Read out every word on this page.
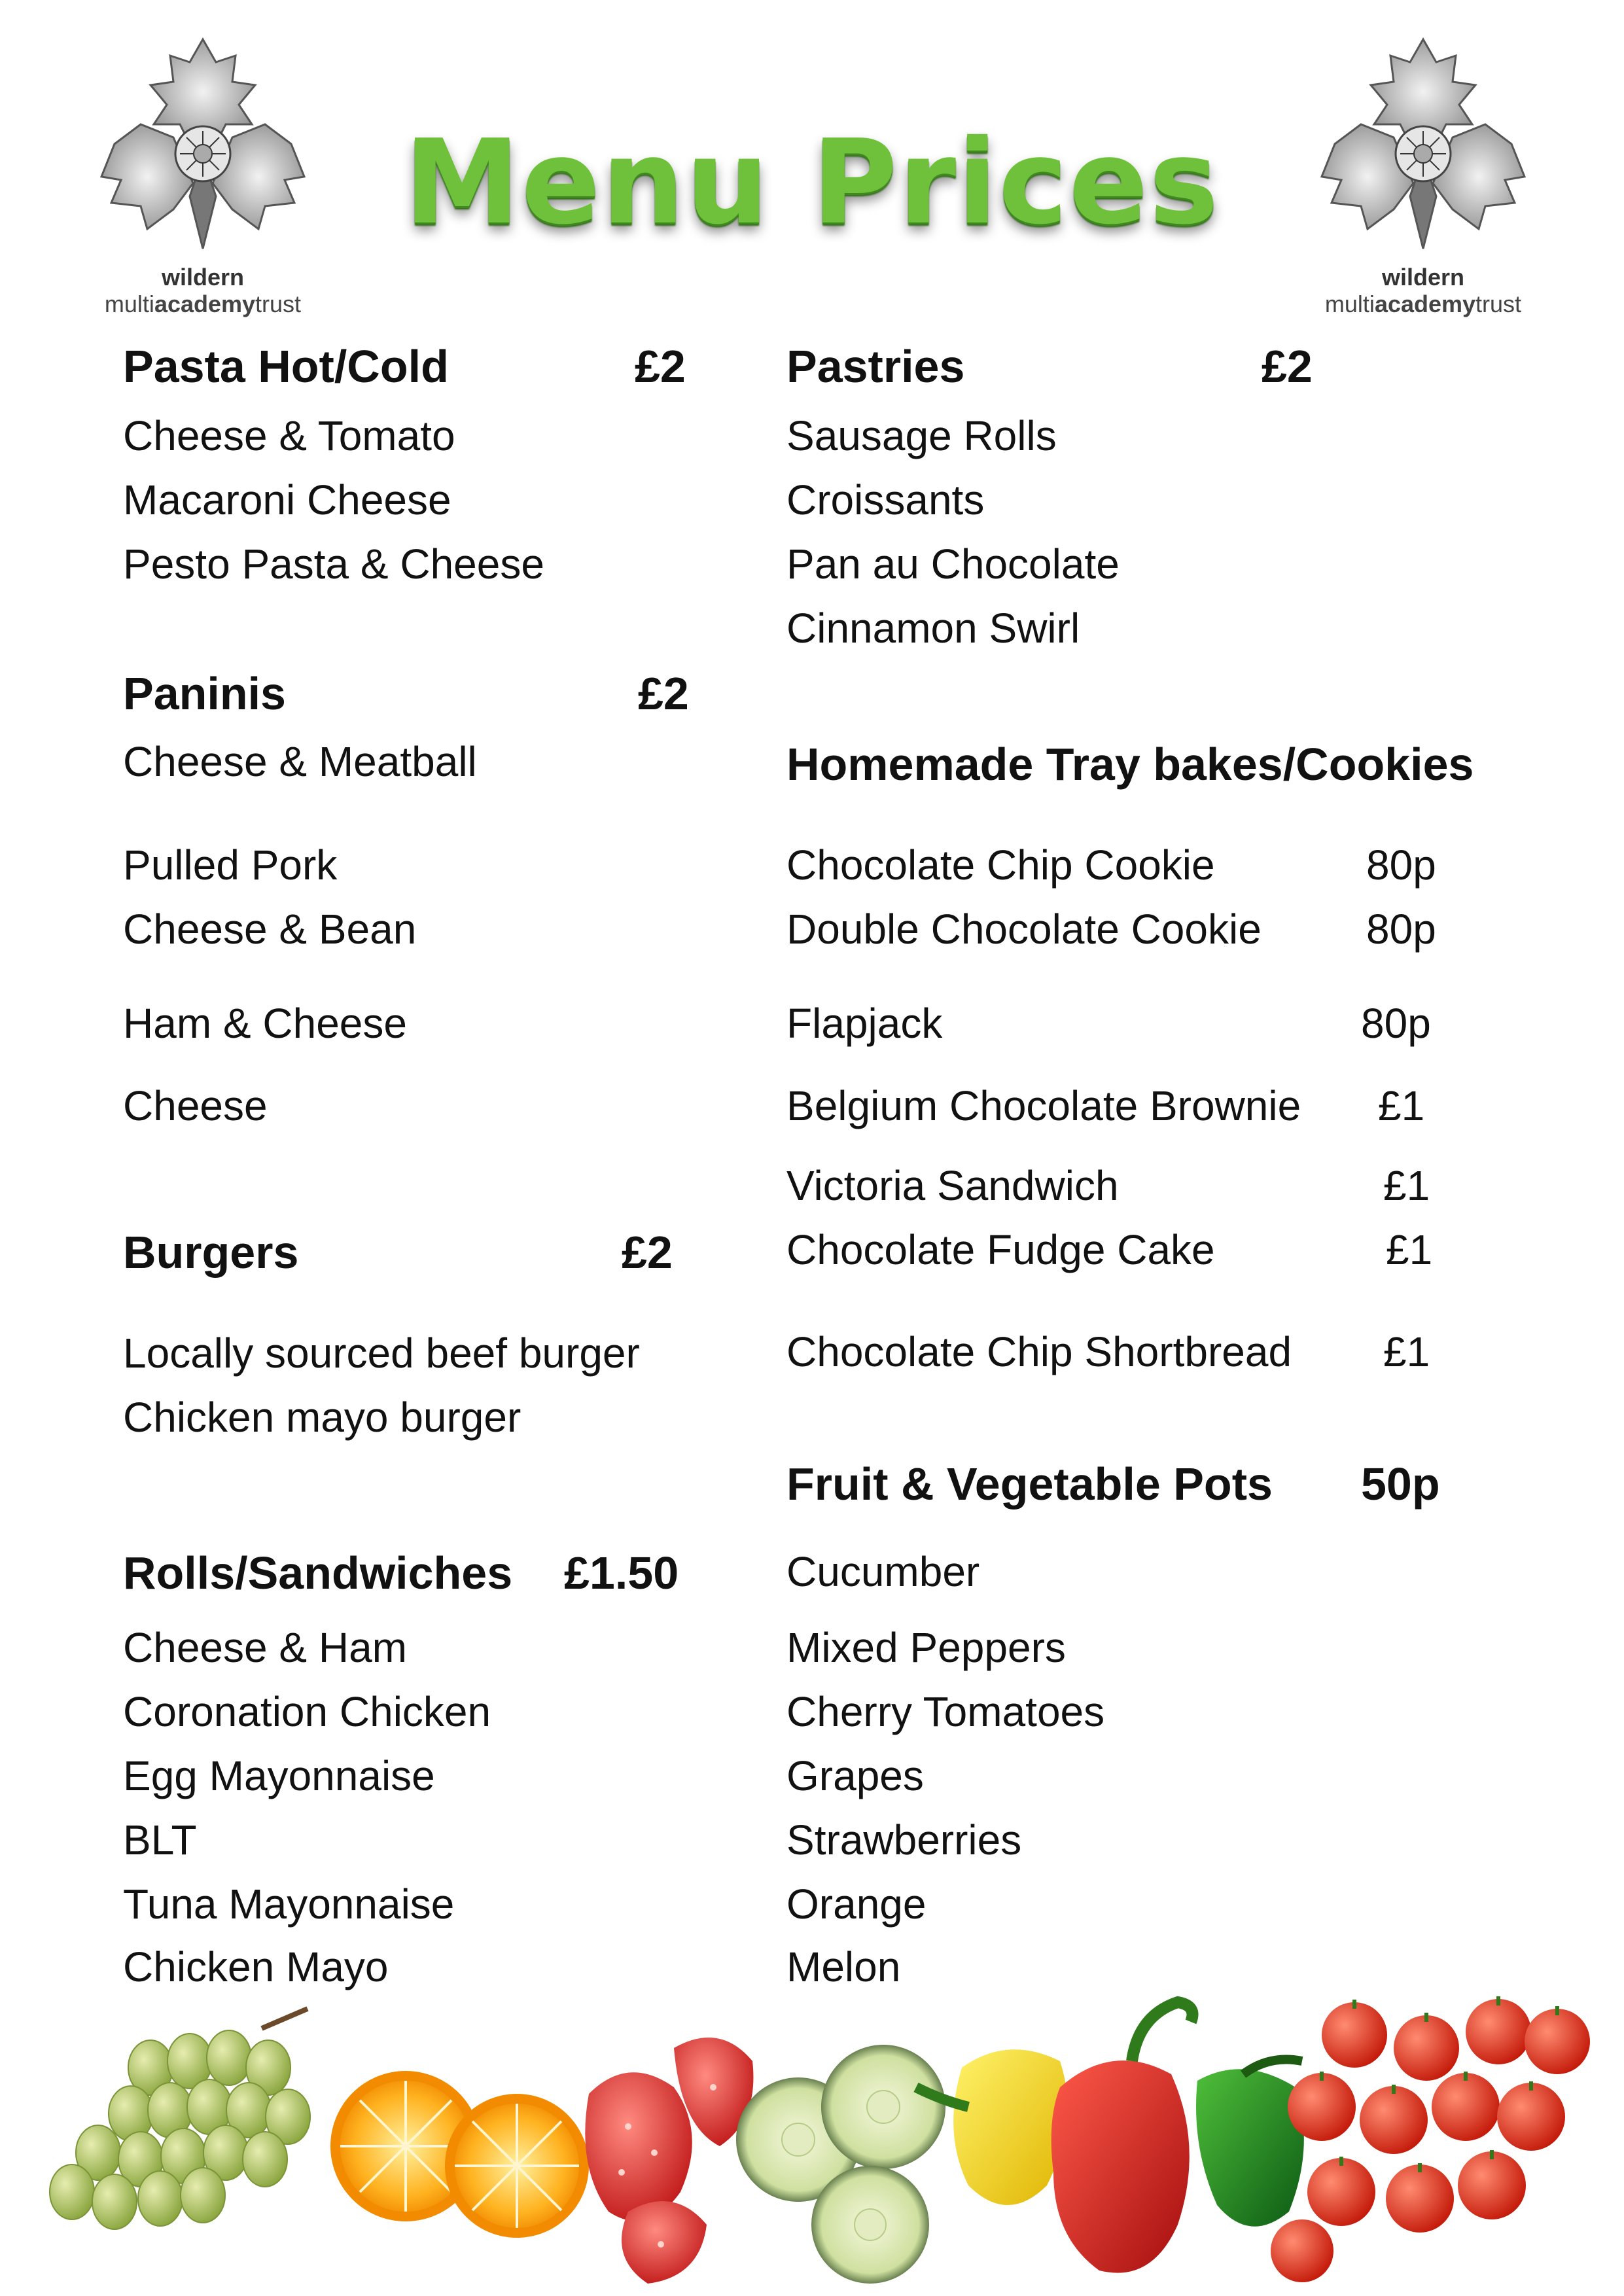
wildern
multiacademytrust
wildern
multiacademytrust
Menu Prices
Pasta Hot/Cold	£2
Cheese & Tomato
Macaroni Cheese
Pesto Pasta & Cheese
Paninis	£2
Cheese & Meatball
Pulled Pork
Cheese & Bean
Ham & Cheese
Cheese
Burgers	£2
Locally sourced beef burger
Chicken mayo burger
Rolls/Sandwiches £1.50
Cheese & Ham
Coronation Chicken
Egg Mayonnaise
BLT
Tuna Mayonnaise
Chicken Mayo
Pastries	£2
Sausage Rolls
Croissants
Pan au Chocolate
Cinnamon Swirl
Homemade Tray bakes/Cookies
Chocolate Chip Cookie	80p
Double Chocolate Cookie	80p
Flapjack	80p
Belgium Chocolate Brownie £1
Victoria Sandwich	£1
Chocolate Fudge Cake	£1
Chocolate Chip Shortbread £1
Fruit & Vegetable Pots 50p
Cucumber
Mixed Peppers
Cherry Tomatoes
Grapes
Strawberries
Orange
Melon
